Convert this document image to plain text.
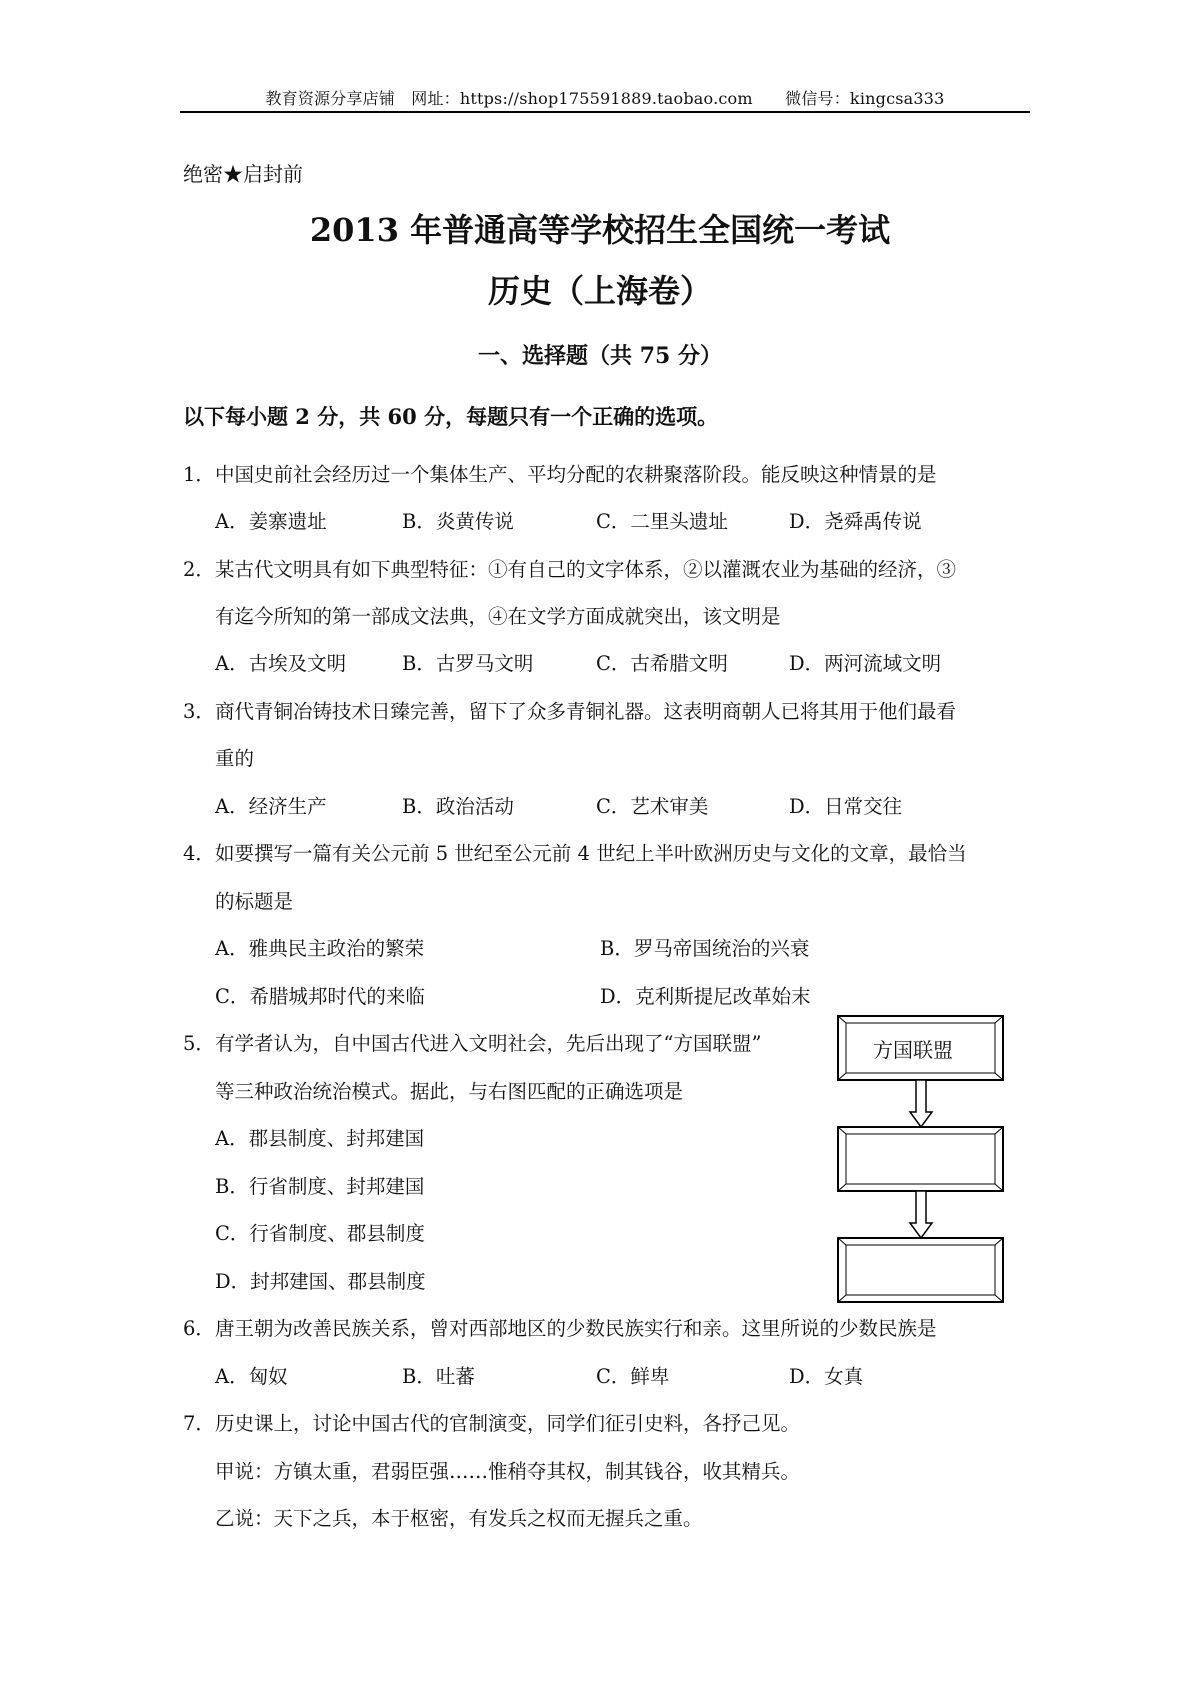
教育资源分享店铺　网址：https://shop175591889.taobao.com　　微信号：kingcsa333
绝密★启封前
2013 年普通高等学校招生全国统一考试
历史（上海卷）
一、选择题（共 75 分）
以下每小题 2 分，共 60 分，每题只有一个正确的选项。
1． 中国史前社会经历过一个集体生产、平均分配的农耕聚落阶段。能反映这种情景的是
A．姜寨遗址	B．炎黄传说	C．二里头遗址	D．尧舜禹传说
2． 某古代文明具有如下典型特征：①有自己的文字体系，②以灌溉农业为基础的经济，③
有迄今所知的第一部成文法典，④在文学方面成就突出，该文明是
A．古埃及文明	B．古罗马文明	C．古希腊文明	D．两河流域文明
3． 商代青铜冶铸技术日臻完善，留下了众多青铜礼器。这表明商朝人已将其用于他们最看
重的
A．经济生产	B．政治活动	C．艺术审美	D．日常交往
4． 如要撰写一篇有关公元前 5 世纪至公元前 4 世纪上半叶欧洲历史与文化的文章，最恰当
的标题是
A．雅典民主政治的繁荣	B．罗马帝国统治的兴衰
C．希腊城邦时代的来临	D．克利斯提尼改革始末
5． 有学者认为，自中国古代进入文明社会，先后出现了“方国联盟”
等三种政治统治模式。据此，与右图匹配的正确选项是
A．郡县制度、封邦建国
B．行省制度、封邦建国
C．行省制度、郡县制度
D．封邦建国、郡县制度
方国联盟
6． 唐王朝为改善民族关系，曾对西部地区的少数民族实行和亲。这里所说的少数民族是
A．匈奴	B．吐蕃	C．鲜卑	D．女真
7． 历史课上，讨论中国古代的官制演变，同学们征引史料，各抒己见。
甲说：方镇太重，君弱臣强……惟稍夺其权，制其钱谷，收其精兵。
乙说：天下之兵，本于枢密，有发兵之权而无握兵之重。
